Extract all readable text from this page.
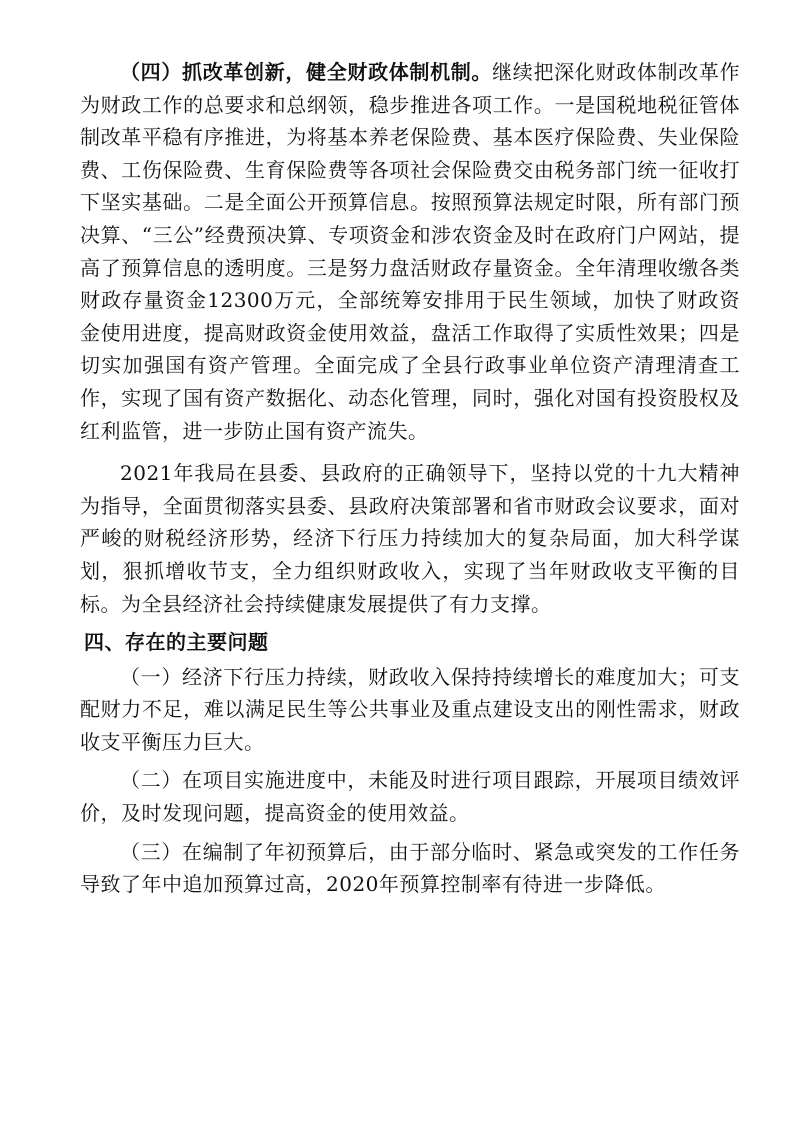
（四）抓改革创新，健全财政体制机制。继续把深化财政体制改革作为财政工作的总要求和总纲领，稳步推进各项工作。一是国税地税征管体制改革平稳有序推进，为将基本养老保险费、基本医疗保险费、失业保险费、工伤保险费、生育保险费等各项社会保险费交由税务部门统一征收打下坚实基础。二是全面公开预算信息。按照预算法规定时限，所有部门预决算、“三公”经费预决算、专项资金和涉农资金及时在政府门户网站，提高了预算信息的透明度。三是努力盘活财政存量资金。全年清理收缴各类财政存量资金12300万元，全部统筹安排用于民生领域，加快了财政资金使用进度，提高财政资金使用效益，盘活工作取得了实质性效果；四是切实加强国有资产管理。全面完成了全县行政事业单位资产清理清查工作，实现了国有资产数据化、动态化管理，同时，强化对国有投资股权及红利监管，进一步防止国有资产流失。

2021年我局在县委、县政府的正确领导下，坚持以党的十九大精神为指导，全面贯彻落实县委、县政府决策部署和省市财政会议要求，面对严峻的财税经济形势，经济下行压力持续加大的复杂局面，加大科学谋划，狠抓增收节支，全力组织财政收入，实现了当年财政收支平衡的目标。为全县经济社会持续健康发展提供了有力支撑。

四、存在的主要问题

（一）经济下行压力持续，财政收入保持持续增长的难度加大；可支配财力不足，难以满足民生等公共事业及重点建设支出的刚性需求，财政收支平衡压力巨大。

（二）在项目实施进度中，未能及时进行项目跟踪，开展项目绩效评价，及时发现问题，提高资金的使用效益。

（三）在编制了年初预算后，由于部分临时、紧急或突发的工作任务导致了年中追加预算过高，2020年预算控制率有待进一步降低。
